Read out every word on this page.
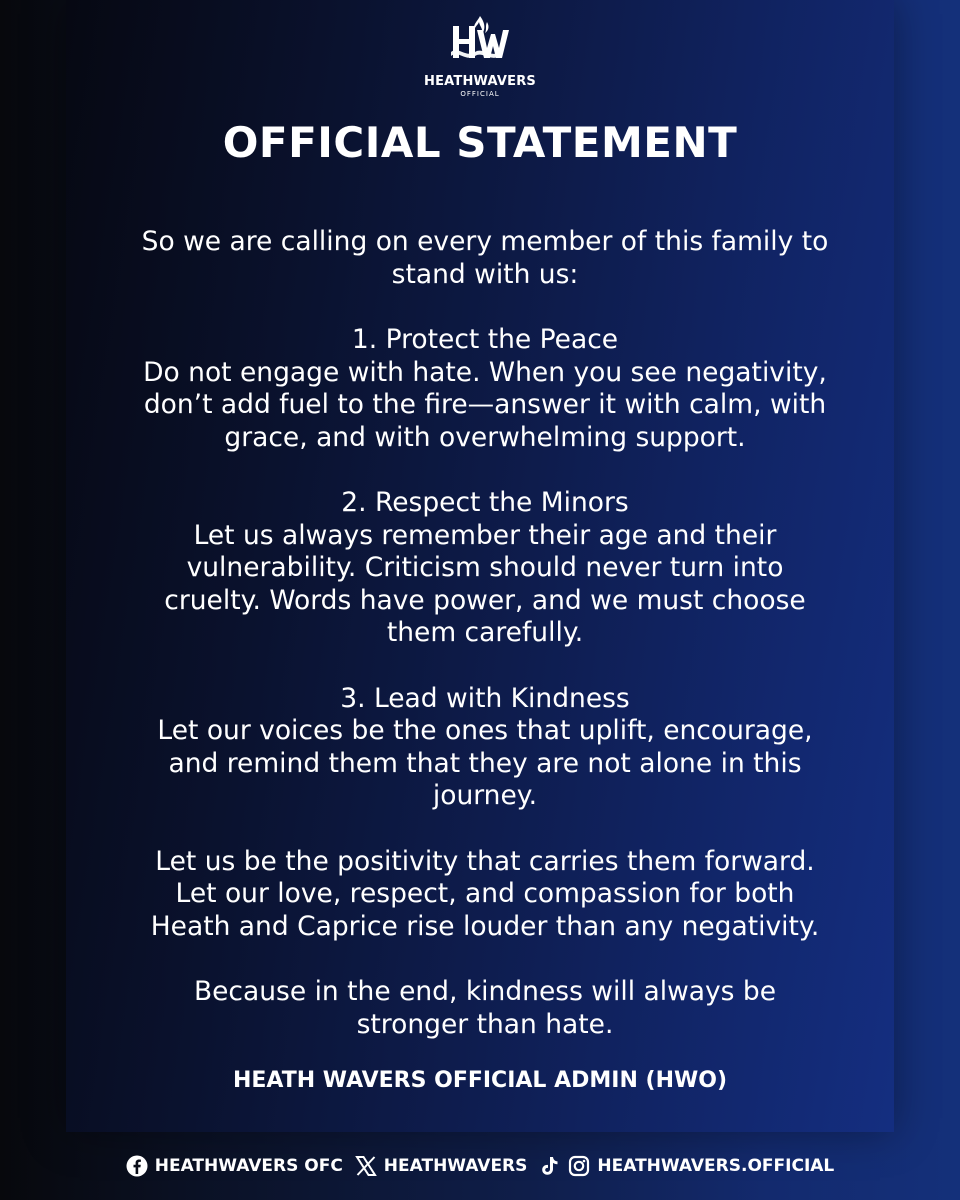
HEATHWAVERS
OFFICIAL
OFFICIAL STATEMENT

So we are calling on every member of this family to

stand with us:

1. Protect the Peace

Do not engage with hate. When you see negativity,

don’t add fuel to the fire—answer it with calm, with

grace, and with overwhelming support.

2. Respect the Minors

Let us always remember their age and their

vulnerability. Criticism should never turn into

cruelty. Words have power, and we must choose

them carefully.

3. Lead with Kindness

Let our voices be the ones that uplift, encourage,

and remind them that they are not alone in this

journey.

Let us be the positivity that carries them forward.

Let our love, respect, and compassion for both

Heath and Caprice rise louder than any negativity.

Because in the end, kindness will always be

stronger than hate.

HEATH WAVERS OFFICIAL ADMIN (HWO)
HEATHWAVERS OFC HEATHWAVERS	HEATHWAVERS.OFFICIAL
